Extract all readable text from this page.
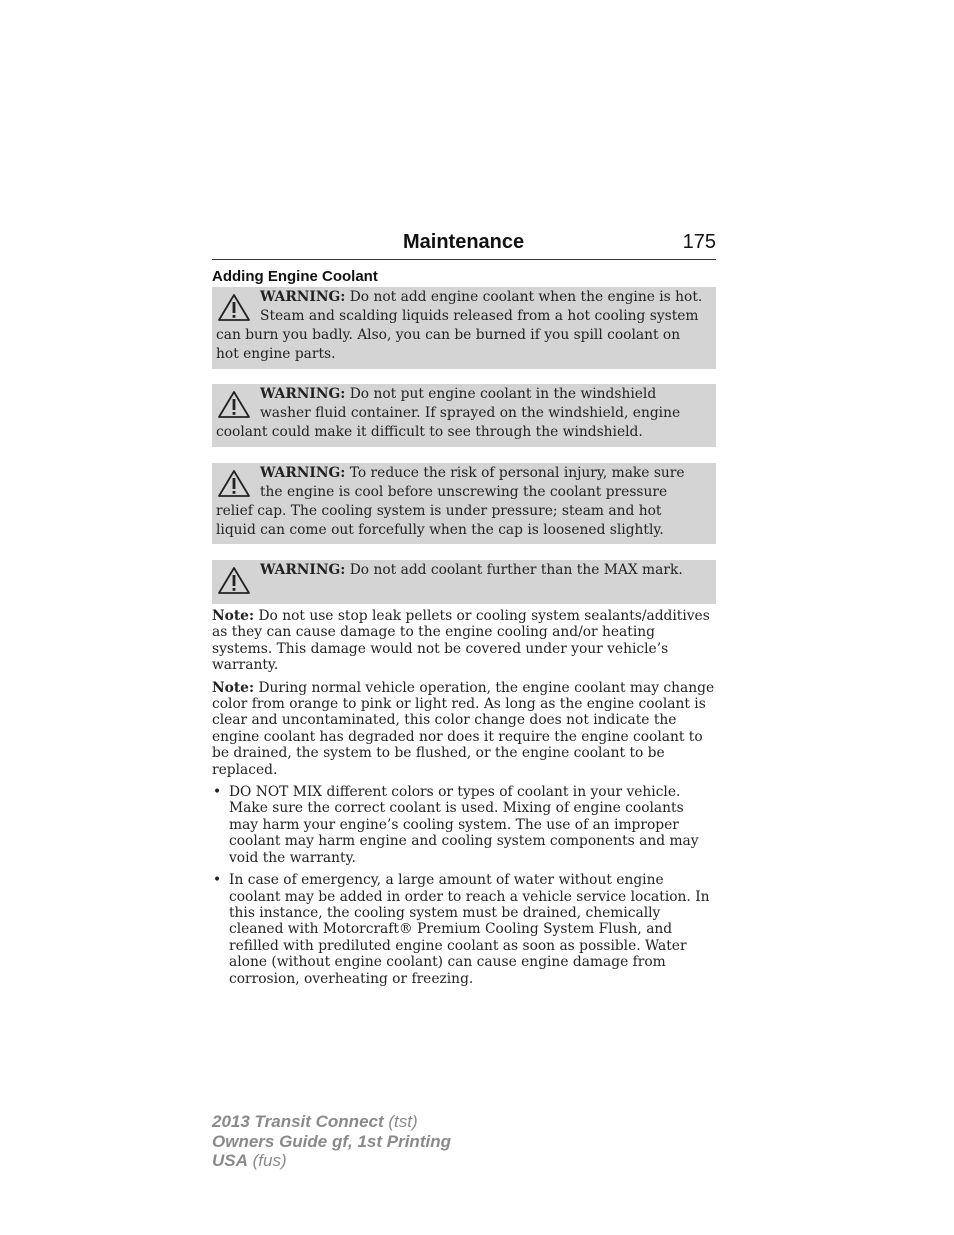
Maintenance	175
Adding Engine Coolant
WARNING: Do not add engine coolant when the engine is hot. Steam and scalding liquids released from a hot cooling system can burn you badly. Also, you can be burned if you spill coolant on hot engine parts.
WARNING: Do not put engine coolant in the windshield washer fluid container. If sprayed on the windshield, engine coolant could make it difficult to see through the windshield.
WARNING: To reduce the risk of personal injury, make sure the engine is cool before unscrewing the coolant pressure relief cap. The cooling system is under pressure; steam and hot liquid can come out forcefully when the cap is loosened slightly.
WARNING: Do not add coolant further than the MAX mark.

Note: Do not use stop leak pellets or cooling system sealants/additives as they can cause damage to the engine cooling and/or heating systems. This damage would not be covered under your vehicle’s warranty.

Note: During normal vehicle operation, the engine coolant may change color from orange to pink or light red. As long as the engine coolant is clear and uncontaminated, this color change does not indicate the engine coolant has degraded nor does it require the engine coolant to be drained, the system to be flushed, or the engine coolant to be replaced.

• DO NOT MIX different colors or types of coolant in your vehicle. Make sure the correct coolant is used. Mixing of engine coolants may harm your engine’s cooling system. The use of an improper coolant may harm engine and cooling system components and may void the warranty.
• In case of emergency, a large amount of water without engine coolant may be added in order to reach a vehicle service location. In this instance, the cooling system must be drained, chemically cleaned with Motorcraft® Premium Cooling System Flush, and refilled with prediluted engine coolant as soon as possible. Water alone (without engine coolant) can cause engine damage from corrosion, overheating or freezing.
2013 Transit Connect (tst)
Owners Guide gf, 1st Printing
USA (fus)
